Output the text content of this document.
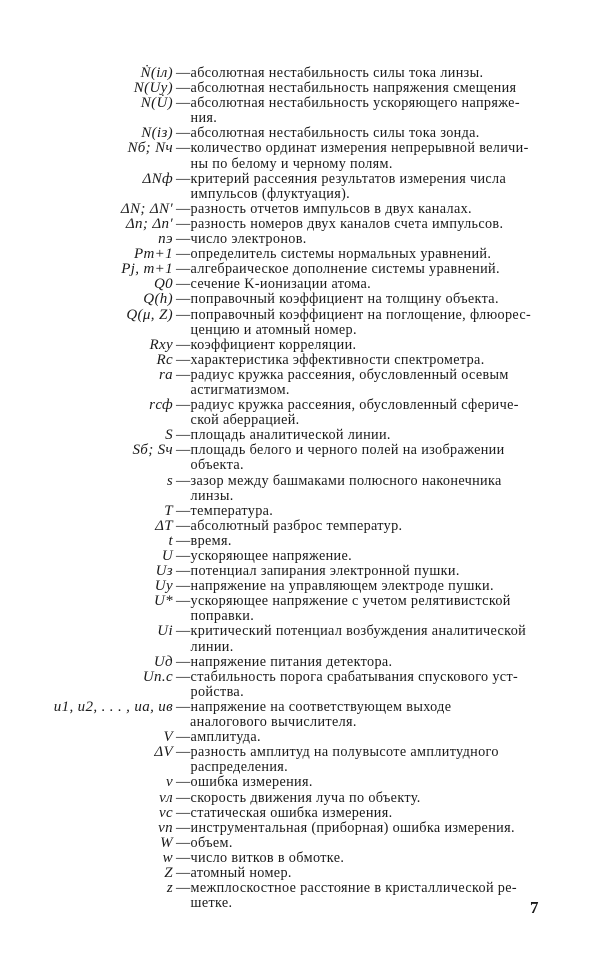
Ṅ(iл) — абсолютная нестабильность силы тока линзы.
N(Uу) — абсолютная нестабильность напряжения смещения
N(U̇) — абсолютная нестабильность ускоряющего напряже-
ния.
N(iз) — абсолютная нестабильность силы тока зонда.
Nб; Nч — количество ординат измерения непрерывной величи-
ны по белому и черному полям.
ΔNф — критерий рассеяния результатов измерения числа
импульсов (флуктуация).
ΔN; ΔN′ — разность отчетов импульсов в двух каналах.
Δn; Δn′ — разность номеров двух каналов счета импульсов.
nэ — число электронов.
Pm+1 — определитель системы нормальных уравнений.
Pj, m+1 — алгебраическое дополнение системы уравнений.
Q0 — сечение K-ионизации атома.
Q(h) — поправочный коэффициент на толщину объекта.
Q(μ, Z) — поправочный коэффициент на поглощение, флюорес-
ценцию и атомный номер.
Rxy — коэффициент корреляции.
Rс — характеристика эффективности спектрометра.
rа — радиус кружка рассеяния, обусловленный осевым
астигматизмом.
rсф — радиус кружка рассеяния, обусловленный сфериче-
ской аберрацией.
S — площадь аналитической линии.
Sб; Sч — площадь белого и черного полей на изображении
объекта.
s — зазор между башмаками полюсного наконечника
линзы.
T — температура.
ΔT — абсолютный разброс температур.
t — время.
U — ускоряющее напряжение.
Uз — потенциал запирания электронной пушки.
Uу — напряжение на управляющем электроде пушки.
U* — ускоряющее напряжение с учетом релятивистской
поправки.
Ui — критический потенциал возбуждения аналитической
линии.
Uд — напряжение питания детектора.
Uп.с — стабильность порога срабатывания спускового уст-
ройства.
u1, u2, . . . , uа, uв — напряжение на соответствующем выходе
аналогового вычислителя.
V — амплитуда.
ΔV — разность амплитуд на полувысоте амплитудного
распределения.
v — ошибка измерения.
vл — скорость движения луча по объекту.
vс — статическая ошибка измерения.
vп — инструментальная (приборная) ошибка измерения.
W — объем.
w — число витков в обмотке.
Z — атомный номер.
z — межплоскостное расстояние в кристаллической ре-
шетке.	7
